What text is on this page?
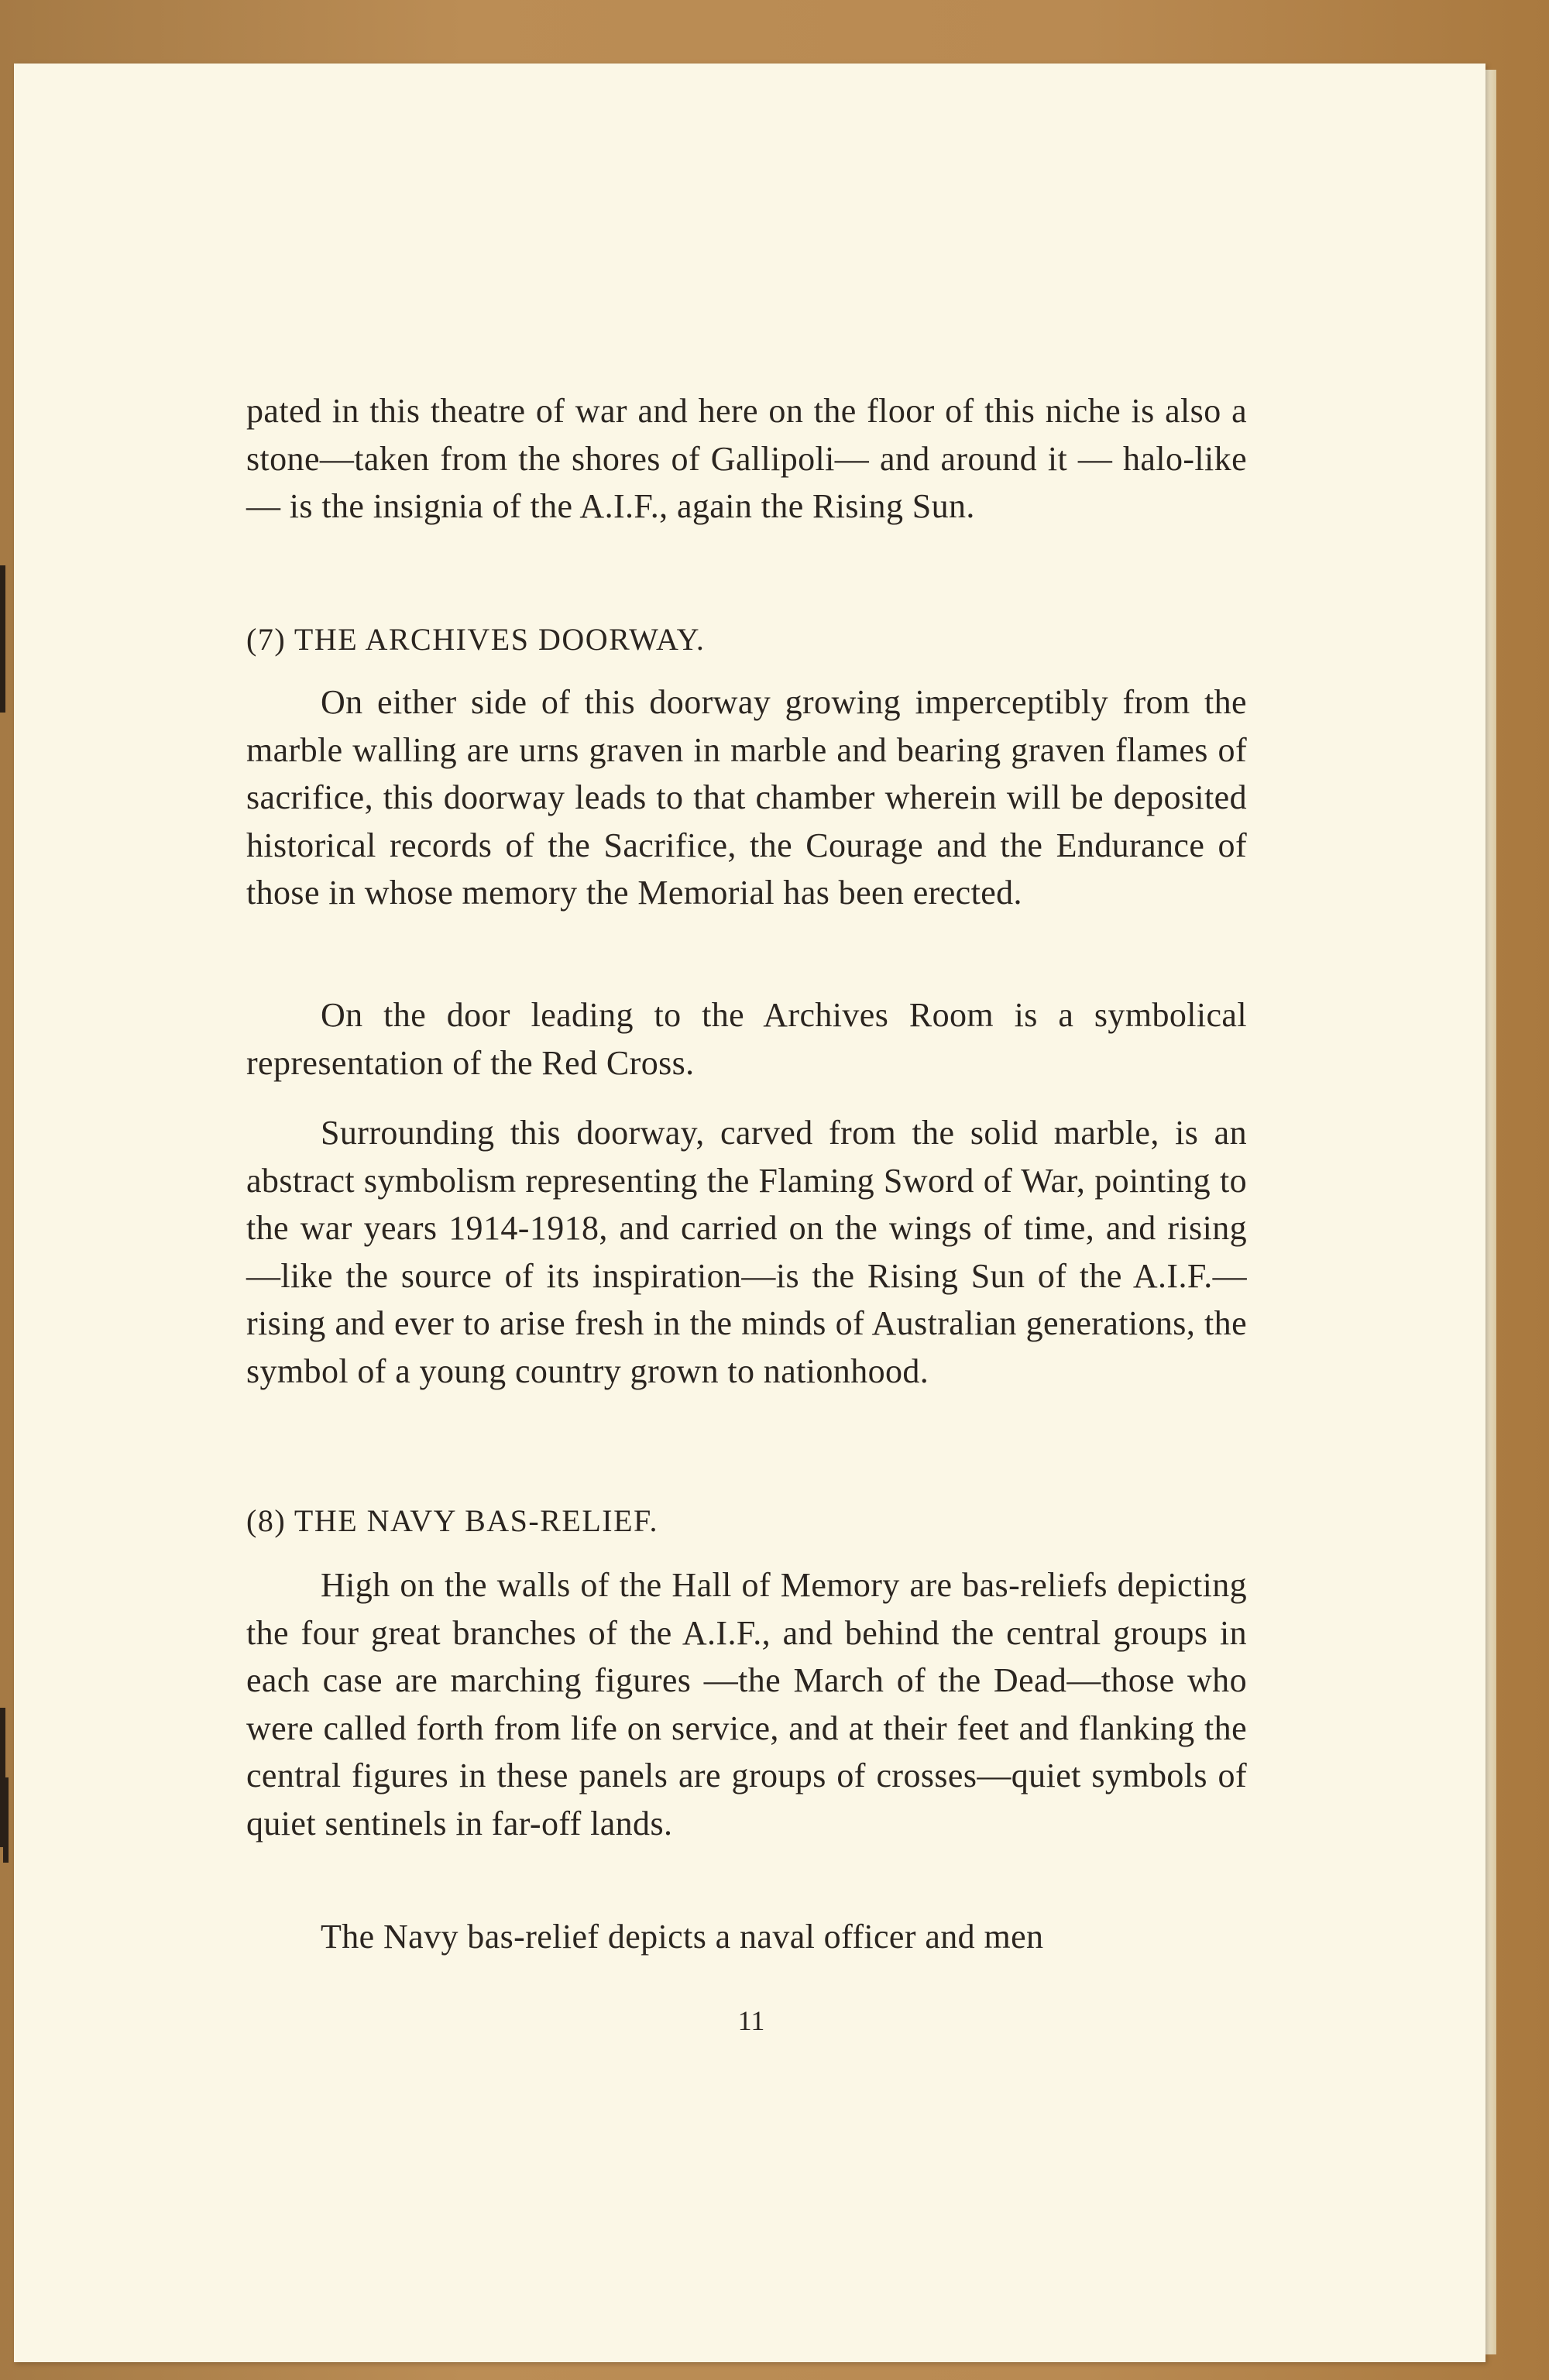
pated in this theatre of war and here on the floor of this niche is also a stone—taken from the shores of Gallipoli— and around it — halo-like — is the insignia of the A.I.F., again the Rising Sun.

(7) THE ARCHIVES DOORWAY.

On either side of this doorway growing imperceptibly from the marble walling are urns graven in marble and bearing graven flames of sacrifice, this doorway leads to that chamber wherein will be deposited historical records of the Sacrifice, the Courage and the Endurance of those in whose memory the Memorial has been erected.

On the door leading to the Archives Room is a symbolical representation of the Red Cross.

Surrounding this doorway, carved from the solid marble, is an abstract symbolism representing the Flaming Sword of War, pointing to the war years 1914-1918, and carried on the wings of time, and rising—like the source of its inspiration—is the Rising Sun of the A.I.F.—rising and ever to arise fresh in the minds of Australian generations, the symbol of a young country grown to nationhood.

(8) THE NAVY BAS-RELIEF.

High on the walls of the Hall of Memory are bas-reliefs depicting the four great branches of the A.I.F., and behind the central groups in each case are marching figures —the March of the Dead—those who were called forth from life on service, and at their feet and flanking the central figures in these panels are groups of crosses—quiet symbols of quiet sentinels in far-off lands.

The Navy bas-relief depicts a naval officer and men

11
